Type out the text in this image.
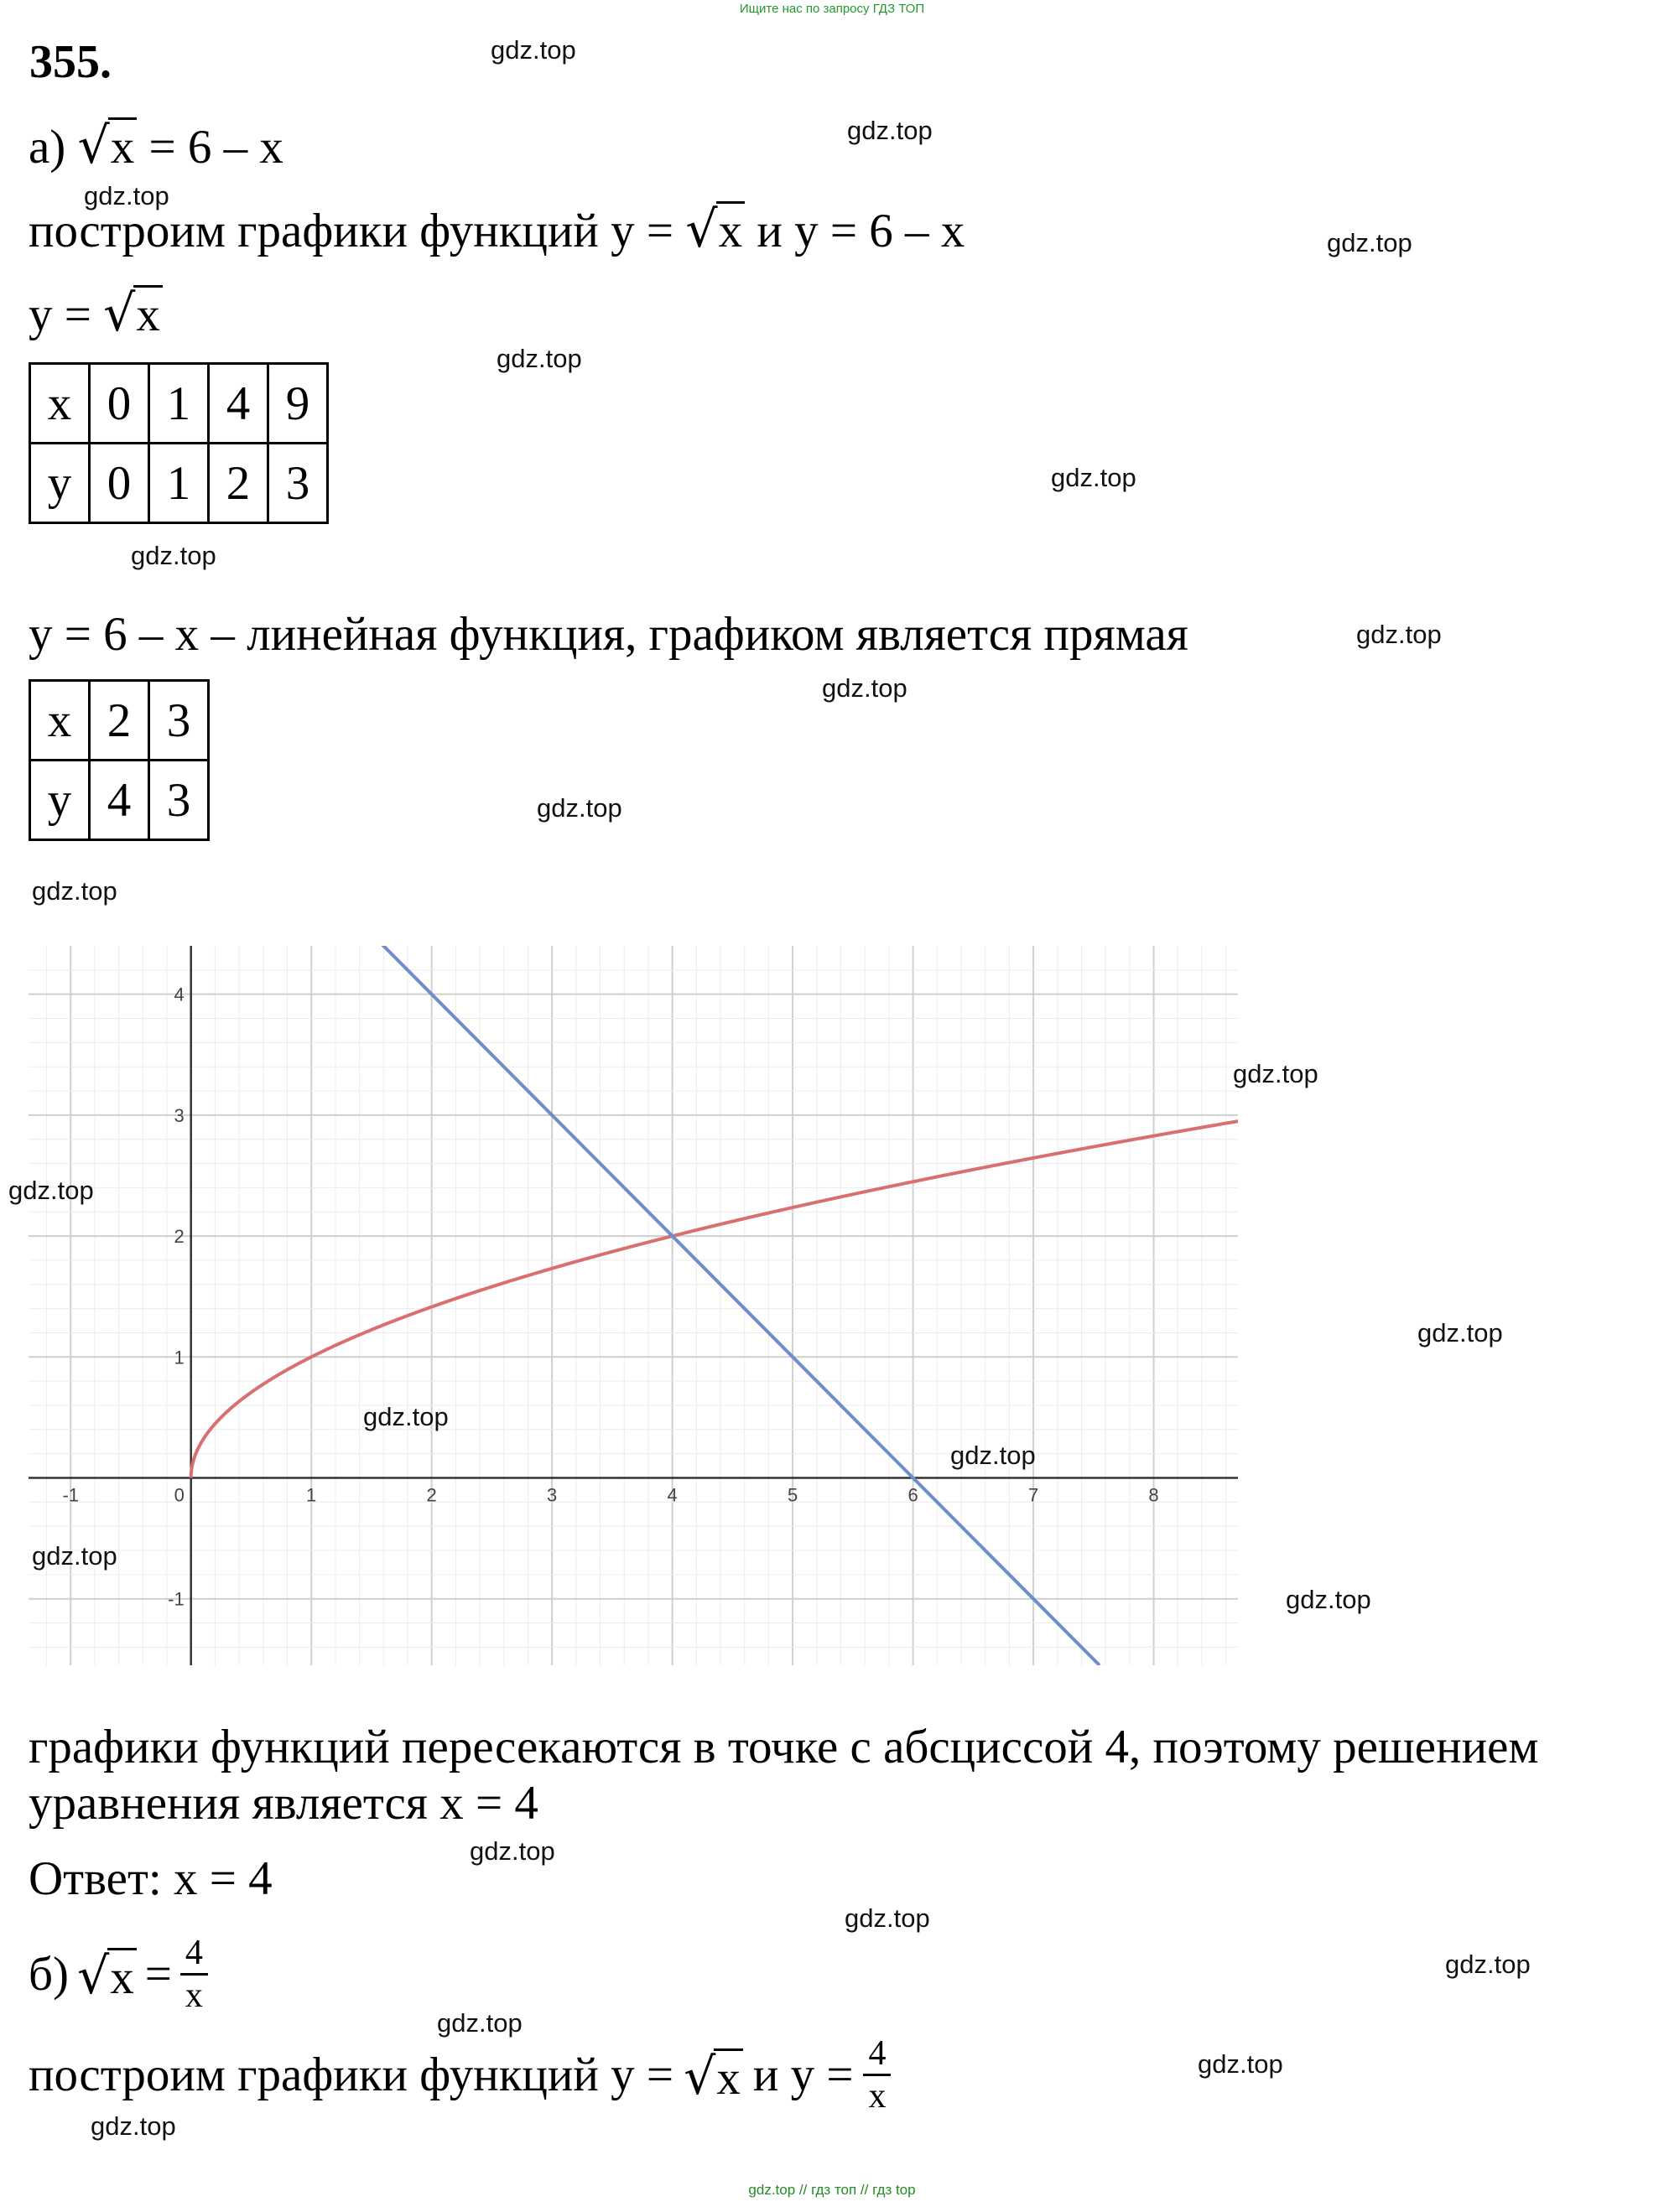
Ищите нас по запросу ГДЗ ТОП
355.
а) √ x = 6 – x
построим графики функций y = √ x и y = 6 – x
y = √ x
x	0	1	4	9
y	0	1	2	3
y = 6 – x – линейная функция, графиком является прямая
x	2	3
y	4	3
-1	0	1	2	3	4	5	6	7	8
-1
1
2
3
4
графики функций пересекаются в точке с абсциссой 4, поэтому решением
уравнения является x = 4
Ответ: x = 4
б) √ $x = \frac{4}{x}$
построим графики функций y = √ x и $y = \frac{4}{x}$
gdz.top
gdz.top
gdz.top
gdz.top
gdz.top
gdz.top
gdz.top
gdz.top
gdz.top
gdz.top
gdz.top
gdz.top
gdz.top
gdz.top
gdz.top
gdz.top
gdz.top
gdz.top
gdz.top
gdz.top
gdz.top
gdz.top
gdz.top
gdz.top
gdz.top // гдз топ // гдз top
